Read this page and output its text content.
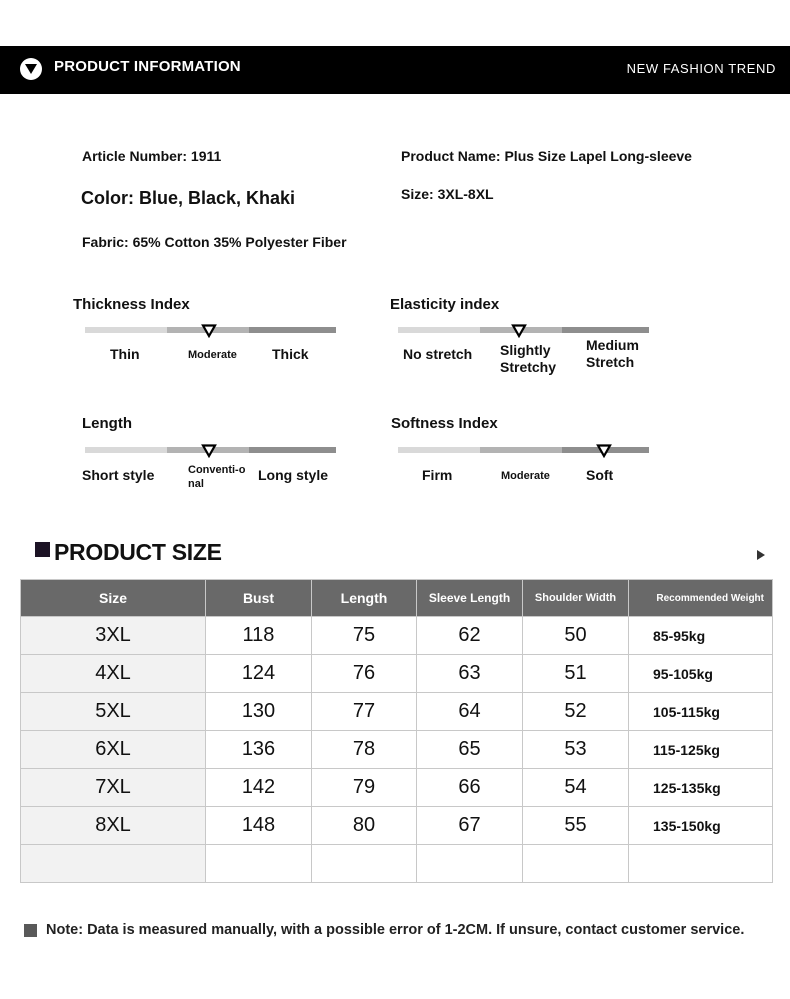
PRODUCT INFORMATION	NEW FASHION TREND
Article Number: 1911	Product Name: Plus Size Lapel Long-sleeve
Color: Blue, Black, Khaki	Size: 3XL-8XL
Fabric: 65% Cotton 35% Polyester Fiber
Thickness Index
Thin	Moderate	Thick
Elasticity index
No stretch Slightly Stretchy
Medium Stretch
Length
Short style	Conventi-onal
Long style
Softness Index
Firm	Moderate	Soft
PRODUCT SIZE
Size	Bust	Length	Sleeve Length	Shoulder Width	Recommended Weight
3XL	118	75	62	50	85-95kg
4XL	124	76	63	51	95-105kg
5XL	130	77	64	52	105-115kg
6XL	136	78	65	53	115-125kg
7XL	142	79	66	54	125-135kg
8XL	148	80	67	55	135-150kg

Note: Data is measured manually, with a possible error of 1-2CM. If unsure, contact customer service.
